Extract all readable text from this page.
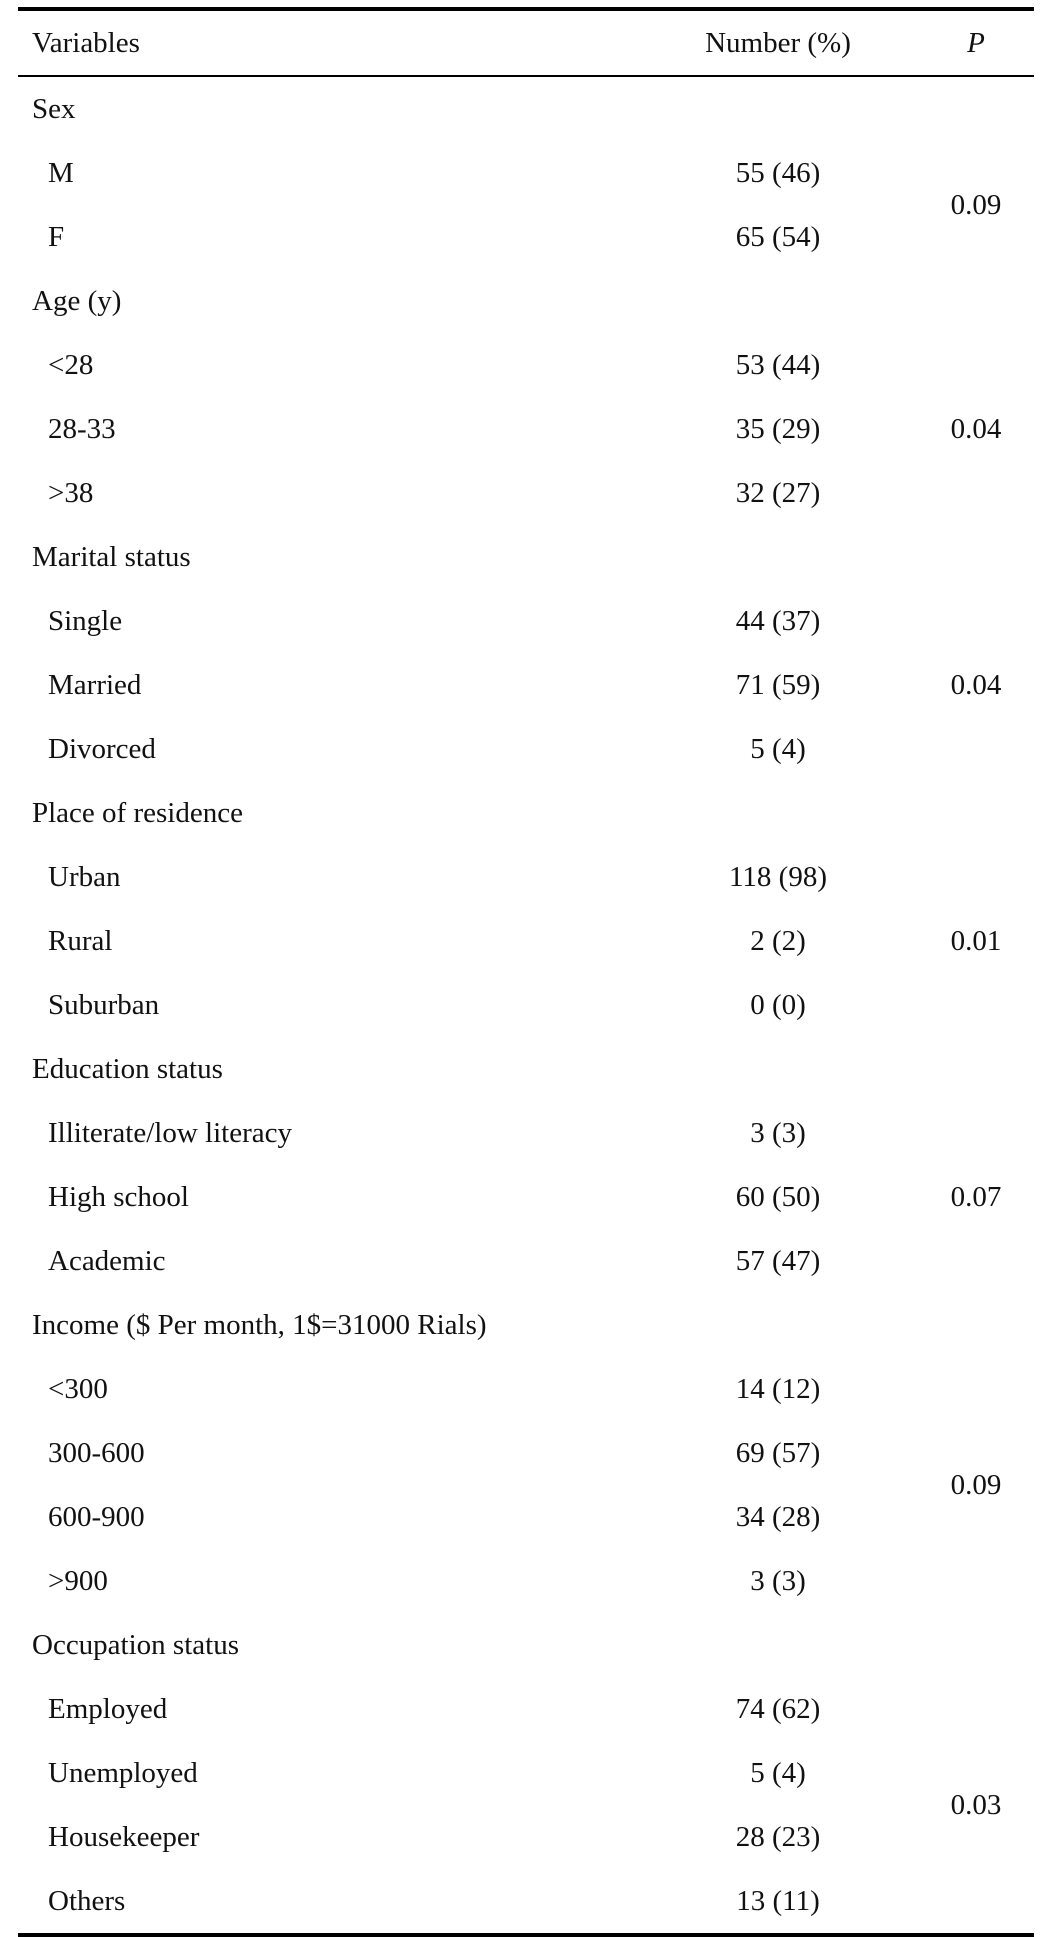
Variables	Number (%)	P
Sex		
M	55 (46)	0.09
F	65 (54)	
Age (y)		
<28	53 (44)	0.04
28-33	35 (29)	
>38	32 (27)	
Marital status		
Single	44 (37)	0.04
Married	71 (59)	
Divorced	5 (4)	
Place of residence		
Urban	118 (98)	0.01
Rural	2 (2)	
Suburban	0 (0)	
Education status		
Illiterate/low literacy	3 (3)	0.07
High school	60 (50)	
Academic	57 (47)	
Income ($ Per month, 1$=31000 Rials)		
<300	14 (12)	0.09
300-600	69 (57)	
600-900	34 (28)	
>900	3 (3)	
Occupation status		
Employed	74 (62)	0.03
Unemployed	5 (4)	
Housekeeper	28 (23)	
Others	13 (11)	
